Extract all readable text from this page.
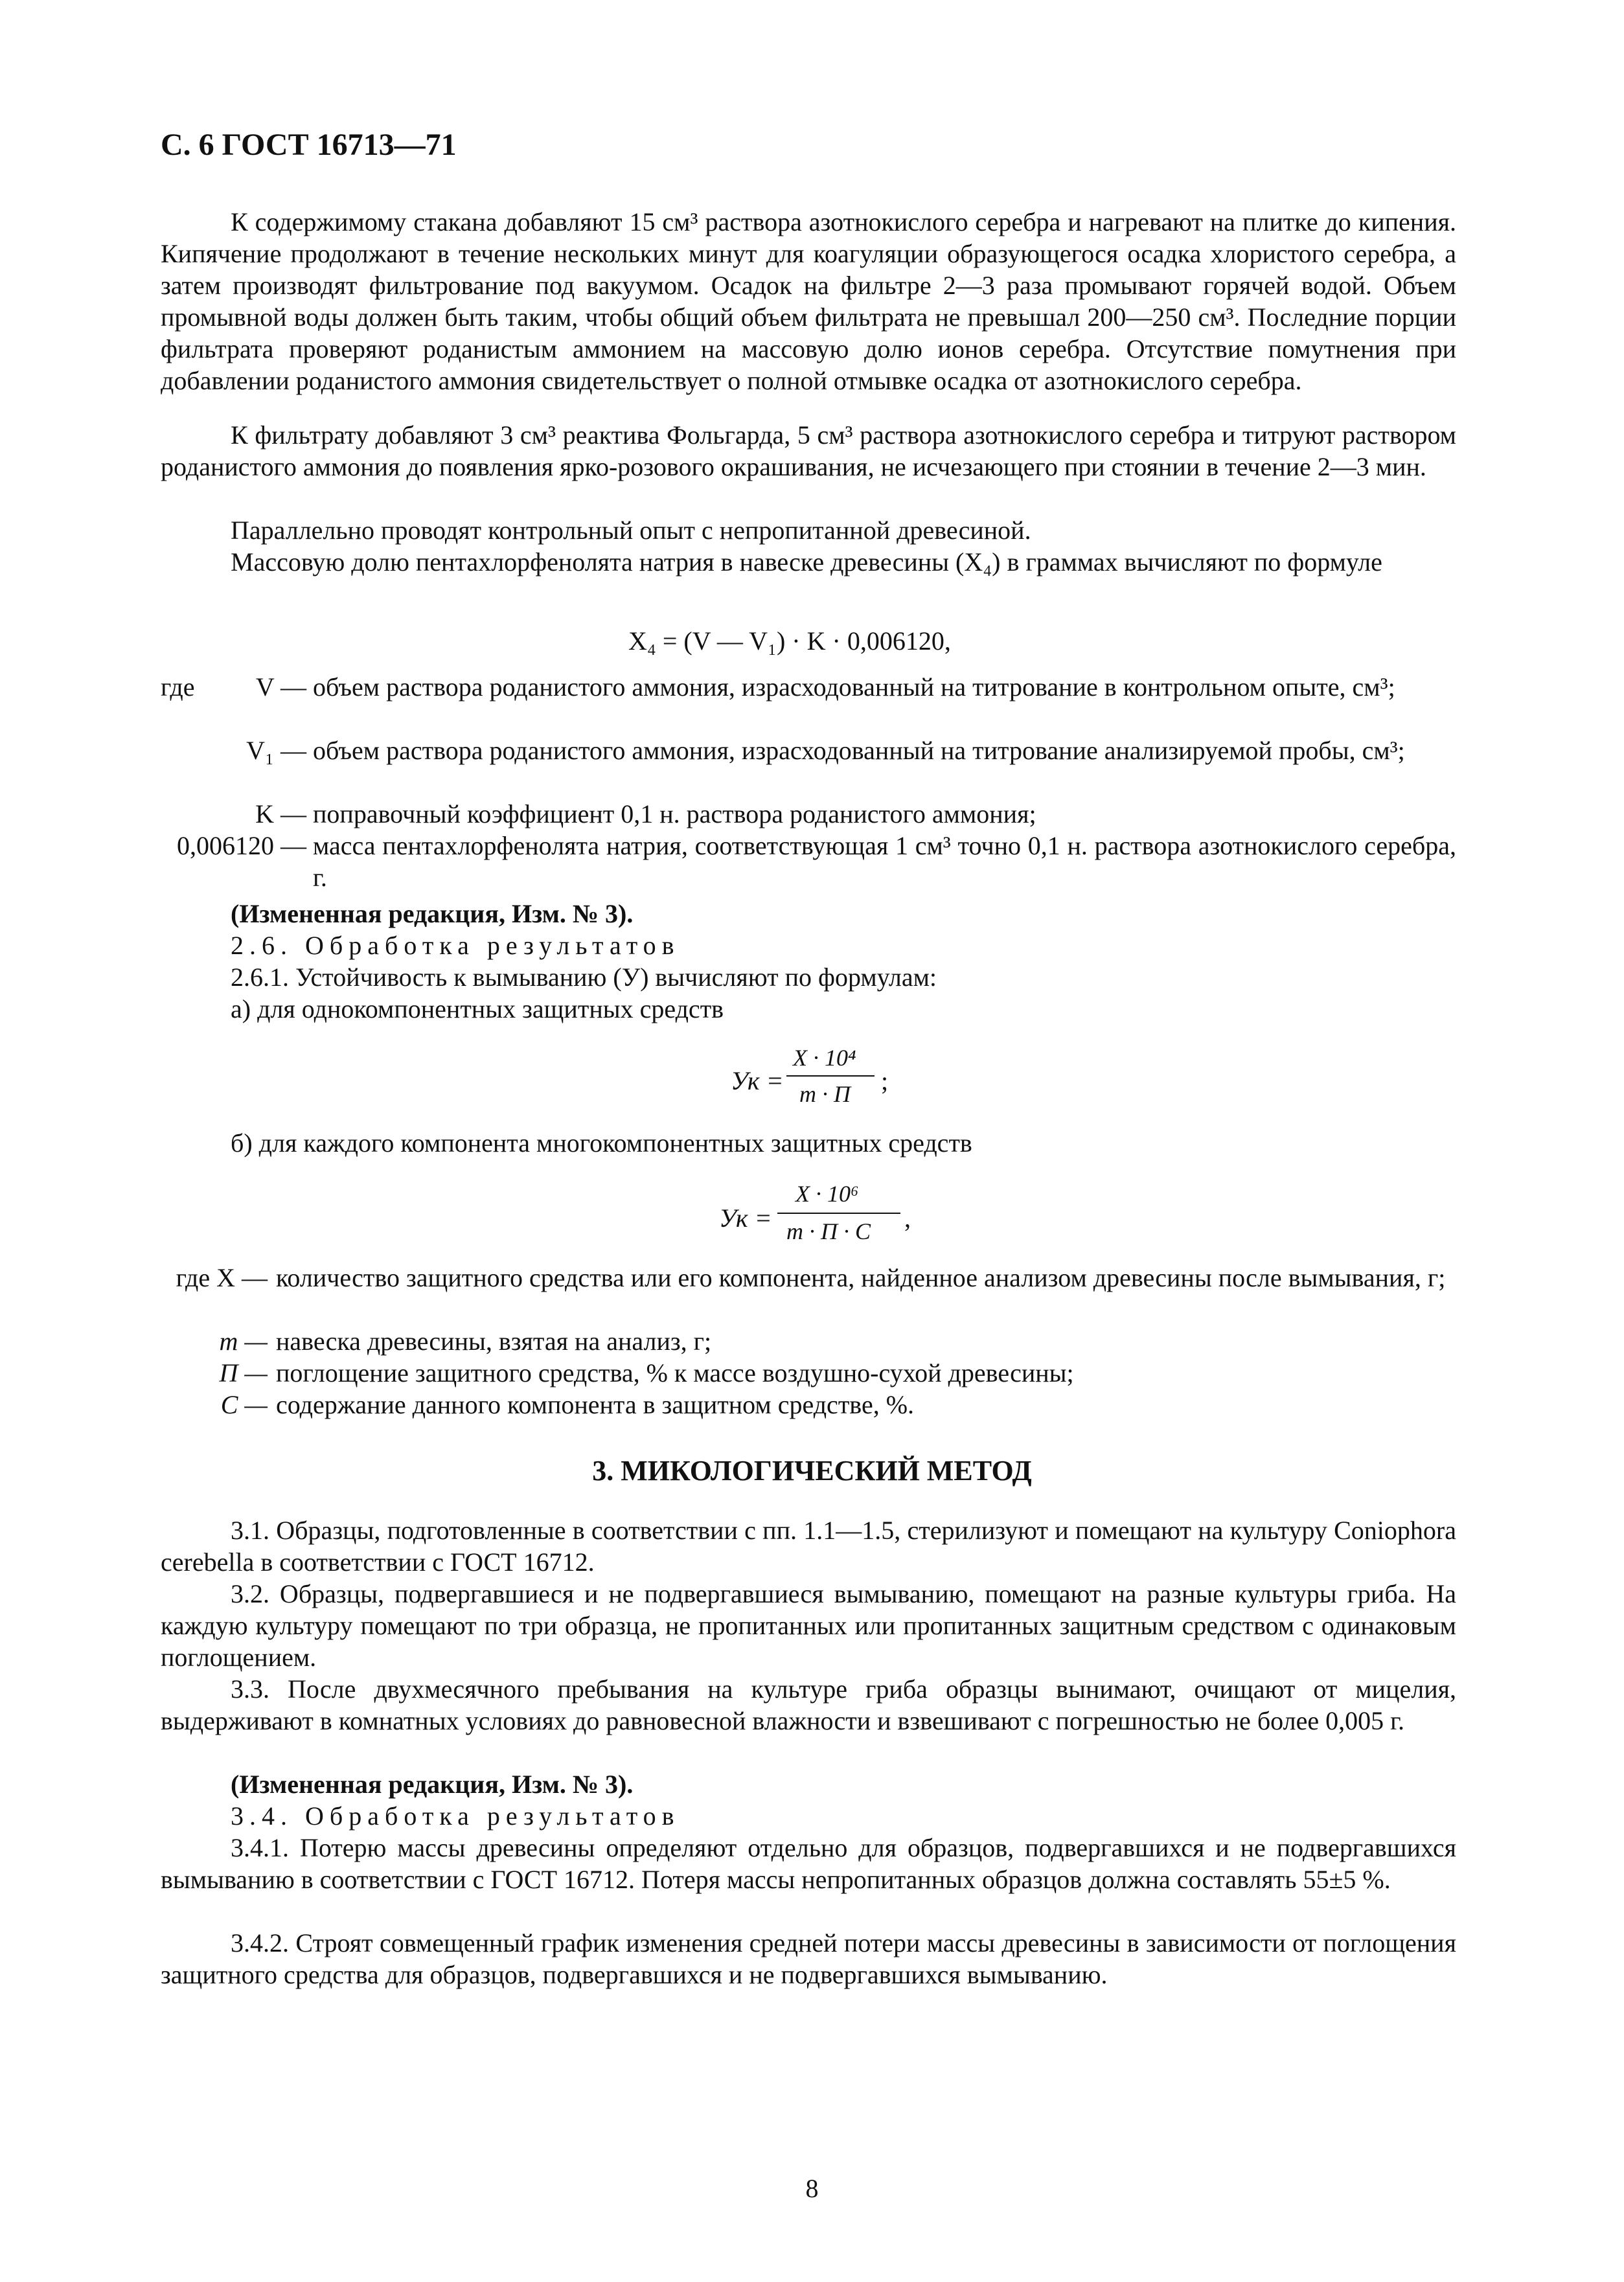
С. 6 ГОСТ 16713—71
К содержимому стакана добавляют 15 см³ раствора азотнокислого серебра и нагревают на плитке до кипения. Кипячение продолжают в течение нескольких минут для коагуляции образующегося осадка хлористого серебра, а затем производят фильтрование под вакуумом. Осадок на фильтре 2—3 раза промывают горячей водой. Объем промывной воды должен быть таким, чтобы общий объем фильтрата не превышал 200—250 см³. Последние порции фильтрата проверяют роданистым аммонием на массовую долю ионов серебра. Отсутствие помутнения при добавлении роданистого аммония свидетельствует о полной отмывке осадка от азотнокислого серебра.
К фильтрату добавляют 3 см³ реактива Фольгарда, 5 см³ раствора азотнокислого серебра и титруют раствором роданистого аммония до появления ярко-розового окрашивания, не исчезающего при стоянии в течение 2—3 мин.
Параллельно проводят контрольный опыт с непропитанной древесиной.
Массовую долю пентахлорфенолята натрия в навеске древесины (X₄) в граммах вычисляют по формуле
X₄ = (V — V₁) · K · 0,006120,
где	V — объем раствора роданистого аммония, израсходованный на титрование в контрольном опыте, см³;
V₁ — объем раствора роданистого аммония, израсходованный на титрование анализируемой пробы, см³;
K — поправочный коэффициент 0,1 н. раствора роданистого аммония;
0,006120 — масса пентахлорфенолята натрия, соответствующая 1 см³ точно 0,1 н. раствора азотнокислого серебра, г.
(Измененная редакция, Изм. № 3).
2.6. Обработка результатов
2.6.1. Устойчивость к вымыванию (У) вычисляют по формулам:
а) для однокомпонентных защитных средств
Ук =
X · 10⁴
m · П ;
б) для каждого компонента многокомпонентных защитных средств
Ук =
X · 10⁶
m · П · C ,
где X — количество защитного средства или его компонента, найденное анализом древесины после вымывания, г;
m — навеска древесины, взятая на анализ, г;
П — поглощение защитного средства, % к массе воздушно-сухой древесины;
C — содержание данного компонента в защитном средстве, %.
3. МИКОЛОГИЧЕСКИЙ МЕТОД
3.1. Образцы, подготовленные в соответствии с пп. 1.1—1.5, стерилизуют и помещают на культуру Coniophora cerebella в соответствии с ГОСТ 16712.
3.2. Образцы, подвергавшиеся и не подвергавшиеся вымыванию, помещают на разные культуры гриба. На каждую культуру помещают по три образца, не пропитанных или пропитанных защитным средством с одинаковым поглощением.
3.3. После двухмесячного пребывания на культуре гриба образцы вынимают, очищают от мицелия, выдерживают в комнатных условиях до равновесной влажности и взвешивают с погрешностью не более 0,005 г.
(Измененная редакция, Изм. № 3).
3.4. Обработка результатов
3.4.1. Потерю массы древесины определяют отдельно для образцов, подвергавшихся и не подвергавшихся вымыванию в соответствии с ГОСТ 16712. Потеря массы непропитанных образцов должна составлять 55±5 %.
3.4.2. Строят совмещенный график изменения средней потери массы древесины в зависимости от поглощения защитного средства для образцов, подвергавшихся и не подвергавшихся вымыванию.
8
